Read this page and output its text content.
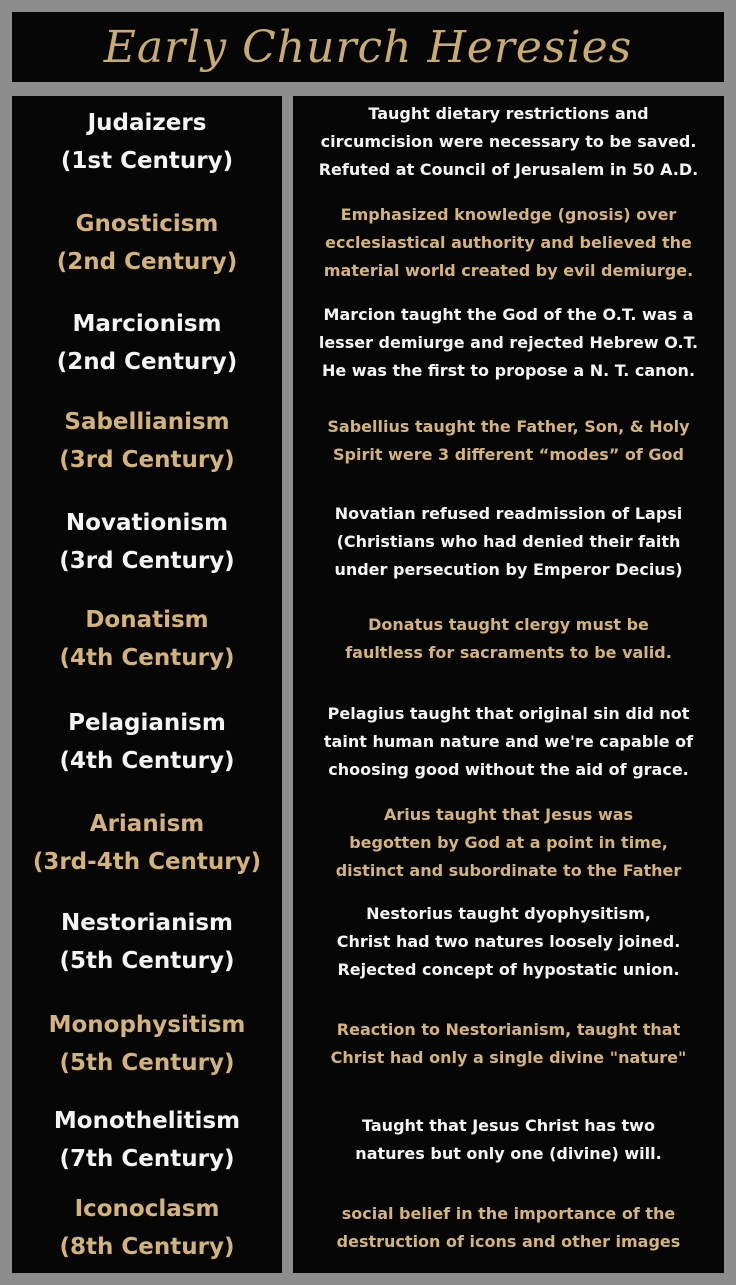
Early Church Heresies
Judaizers
(1st Century)
Gnosticism
(2nd Century)
Marcionism
(2nd Century)
Sabellianism
(3rd Century)
Novationism
(3rd Century)
Donatism
(4th Century)
Pelagianism
(4th Century)
Arianism
(3rd-4th Century)
Nestorianism
(5th Century)
Monophysitism
(5th Century)
Monothelitism
(7th Century)
Iconoclasm
(8th Century)
Taught dietary restrictions and
circumcision were necessary to be saved.
Refuted at Council of Jerusalem in 50 A.D.
Emphasized knowledge (gnosis) over
ecclesiastical authority and believed the
material world created by evil demiurge.
Marcion taught the God of the O.T. was a
lesser demiurge and rejected Hebrew O.T.
He was the first to propose a N. T. canon.
Sabellius taught the Father, Son, & Holy
Spirit were 3 different “modes” of God
Novatian refused readmission of Lapsi
(Christians who had denied their faith
under persecution by Emperor Decius)
Donatus taught clergy must be
faultless for sacraments to be valid.
Pelagius taught that original sin did not
taint human nature and we're capable of
choosing good without the aid of grace.
Arius taught that Jesus was
begotten by God at a point in time,
distinct and subordinate to the Father
Nestorius taught dyophysitism,
Christ had two natures loosely joined.
Rejected concept of hypostatic union.
Reaction to Nestorianism, taught that
Christ had only a single divine "nature"
Taught that Jesus Christ has two
natures but only one (divine) will.
social belief in the importance of the
destruction of icons and other images
